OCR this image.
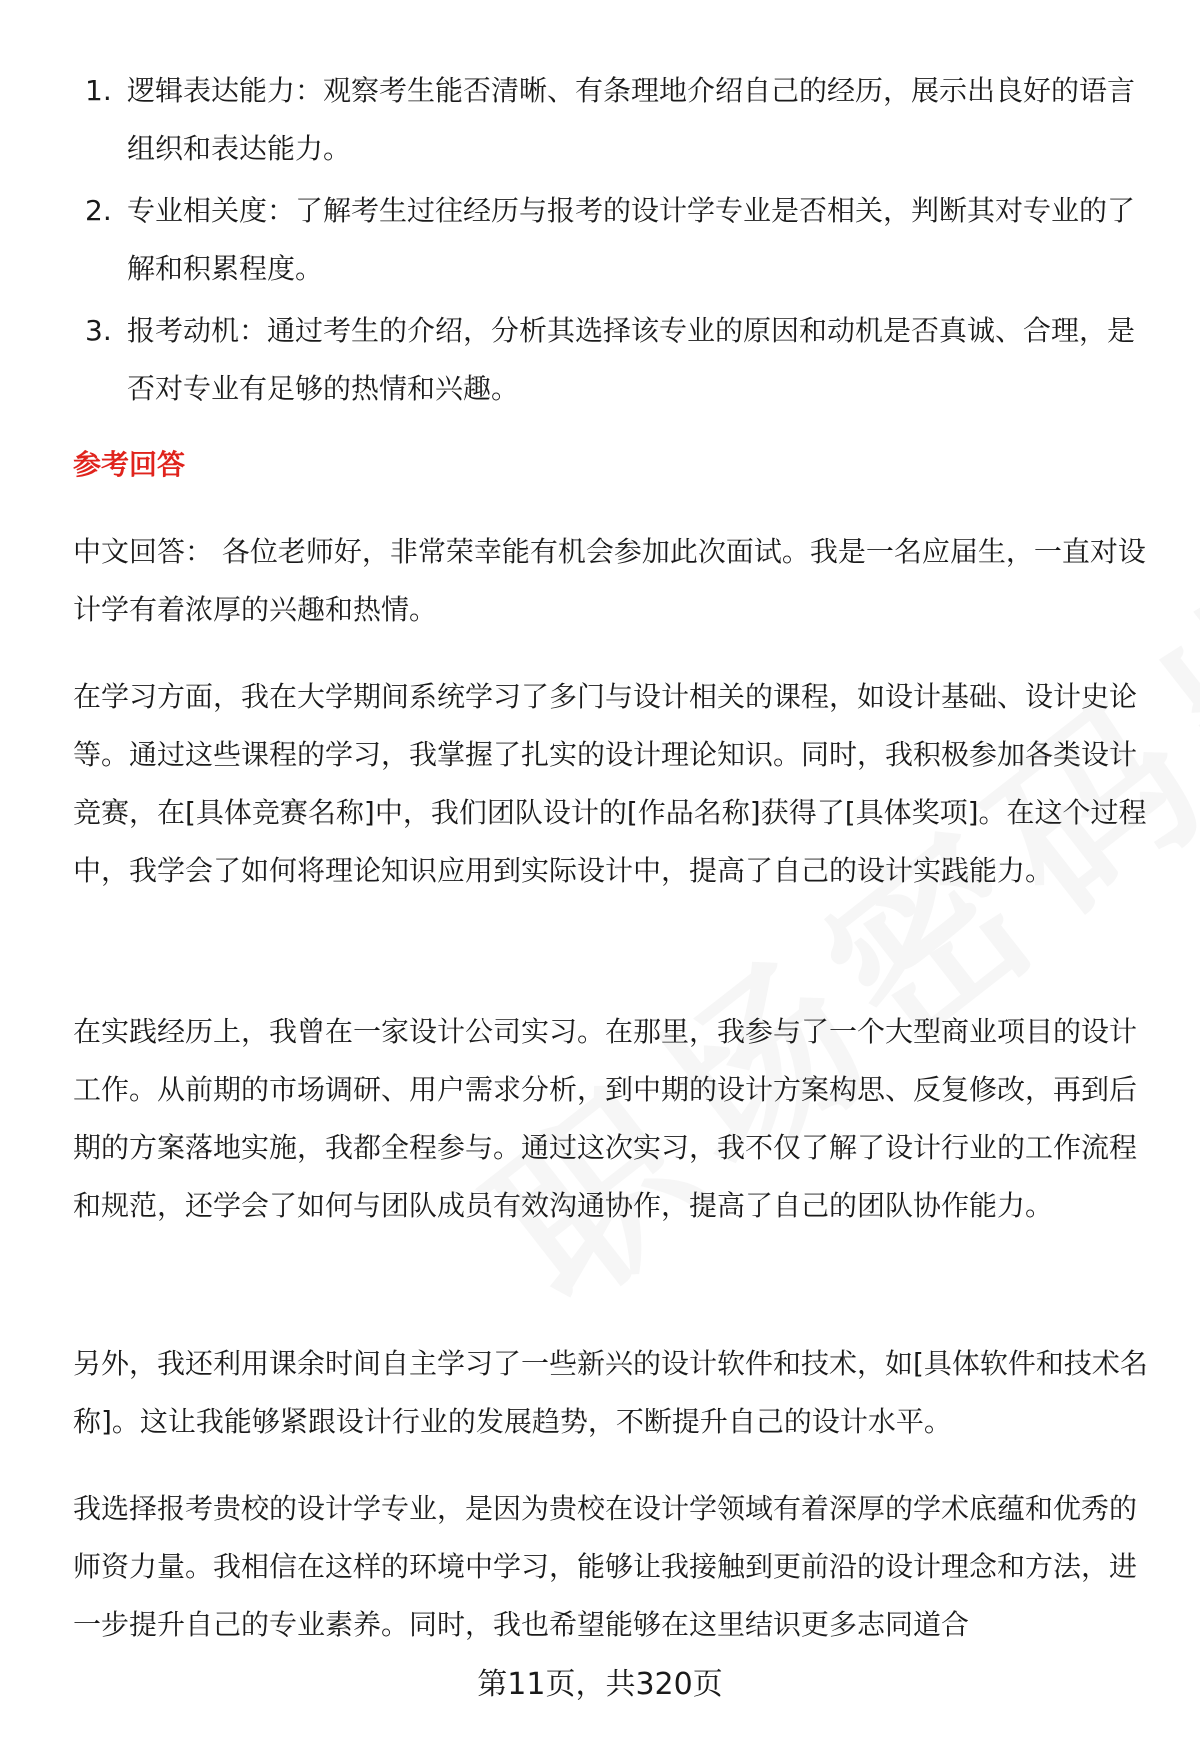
1. 逻辑表达能力：观察考生能否清晰、有条理地介绍自己的经历，展示出良好的语言组织和表达能力。
2. 专业相关度：了解考生过往经历与报考的设计学专业是否相关，判断其对专业的了解和积累程度。
3. 报考动机：通过考生的介绍，分析其选择该专业的原因和动机是否真诚、合理，是否对专业有足够的热情和兴趣。
参考回答

中文回答： 各位老师好，非常荣幸能有机会参加此次面试。我是一名应届生，一直对设计学有着浓厚的兴趣和热情。

在学习方面，我在大学期间系统学习了多门与设计相关的课程，如设计基础、设计史论等。通过这些课程的学习，我掌握了扎实的设计理论知识。同时，我积极参加各类设计竞赛，在[具体竞赛名称]中，我们团队设计的[作品名称]获得了[具体奖项]。在这个过程中，我学会了如何将理论知识应用到实际设计中，提高了自己的设计实践能力。

在实践经历上，我曾在一家设计公司实习。在那里，我参与了一个大型商业项目的设计工作。从前期的市场调研、用户需求分析，到中期的设计方案构思、反复修改，再到后期的方案落地实施，我都全程参与。通过这次实习，我不仅了解了设计行业的工作流程和规范，还学会了如何与团队成员有效沟通协作，提高了自己的团队协作能力。

另外，我还利用课余时间自主学习了一些新兴的设计软件和技术，如[具体软件和技术名称]。这让我能够紧跟设计行业的发展趋势，不断提升自己的设计水平。

我选择报考贵校的设计学专业，是因为贵校在设计学领域有着深厚的学术底蕴和优秀的师资力量。我相信在这样的环境中学习，能够让我接触到更前沿的设计理念和方法，进一步提升自己的专业素养。同时，我也希望能够在这里结识更多志同道合

第11页，共320页
